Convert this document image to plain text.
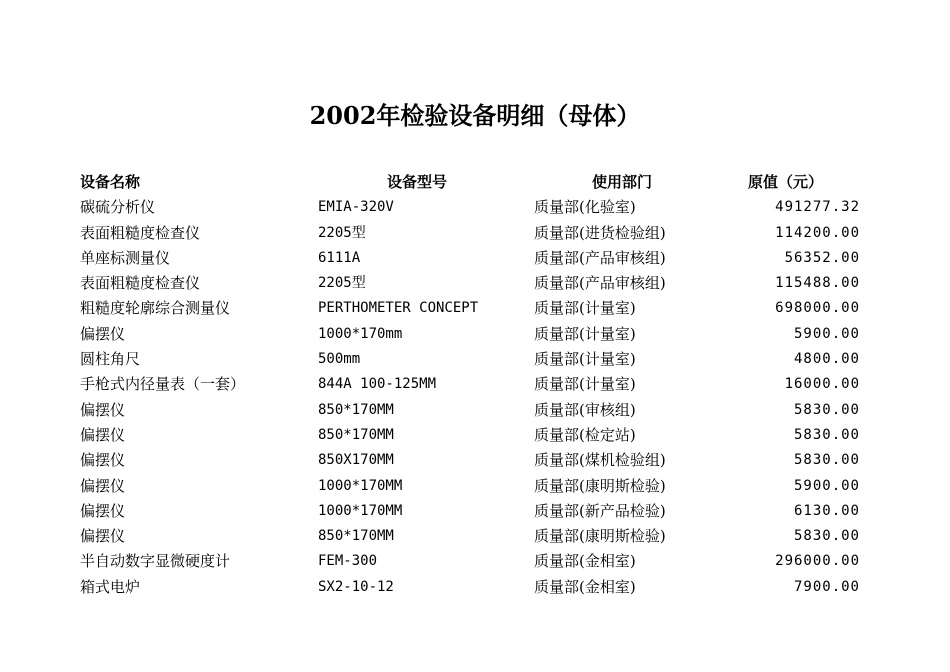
2002年检验设备明细（母体）
设备名称	设备型号	使用部门	原值（元）
碳硫分析仪	EMIA-320V	质量部(化验室)	491277.32
表面粗糙度检查仪	2205型	质量部(进货检验组)	114200.00
单座标测量仪	6111A	质量部(产品审核组)	56352.00
表面粗糙度检查仪	2205型	质量部(产品审核组)	115488.00
粗糙度轮廓综合测量仪	PERTHOMETER CONCEPT	质量部(计量室)	698000.00
偏摆仪	1000*170mm	质量部(计量室)	5900.00
圆柱角尺	500mm	质量部(计量室)	4800.00
手枪式内径量表（一套）	844A 100-125MM	质量部(计量室)	16000.00
偏摆仪	850*170MM	质量部(审核组)	5830.00
偏摆仪	850*170MM	质量部(检定站)	5830.00
偏摆仪	850X170MM	质量部(煤机检验组)	5830.00
偏摆仪	1000*170MM	质量部(康明斯检验)	5900.00
偏摆仪	1000*170MM	质量部(新产品检验)	6130.00
偏摆仪	850*170MM	质量部(康明斯检验)	5830.00
半自动数字显微硬度计	FEM-300	质量部(金相室)	296000.00
箱式电炉	SX2-10-12	质量部(金相室)	7900.00
